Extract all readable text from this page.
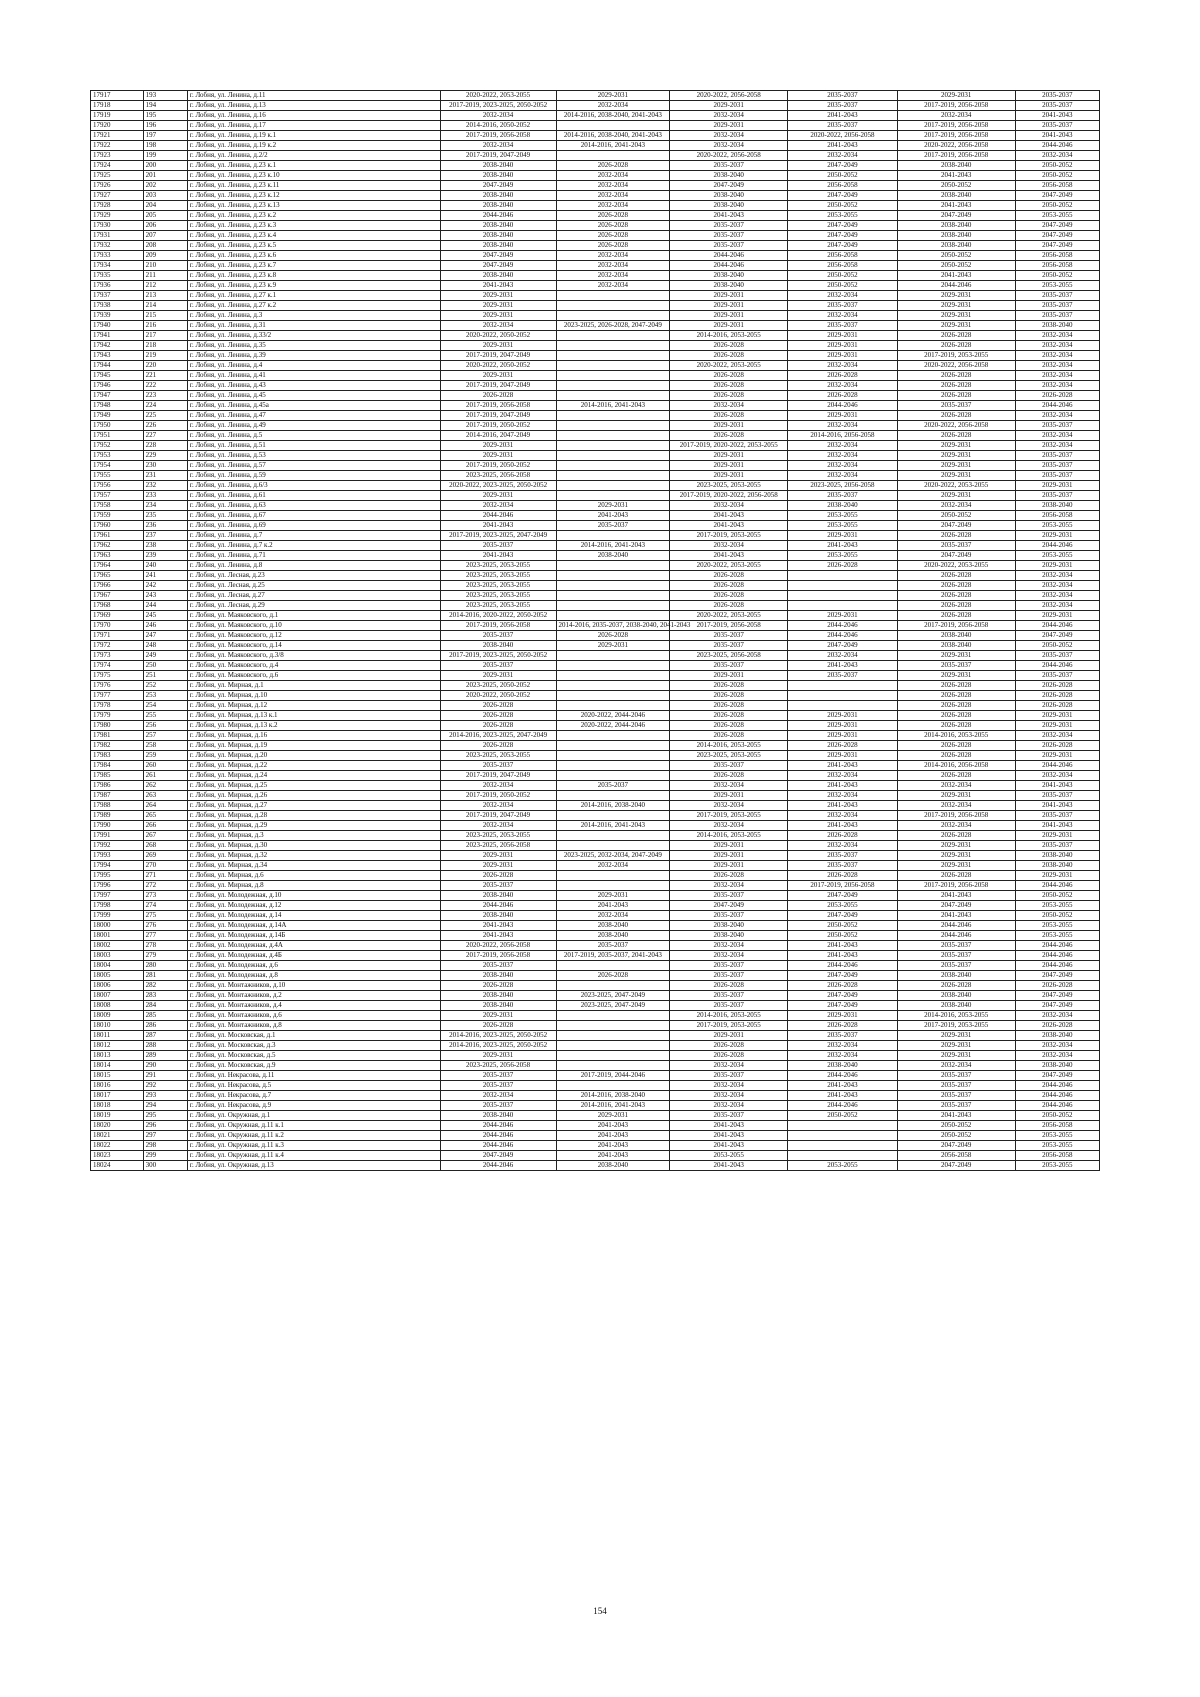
17917	193	г. Лобня, ул. Ленина, д.11	2020-2022, 2053-2055	2029-2031	2020-2022, 2056-2058	2035-2037	2029-2031	2035-2037
17918	194	г. Лобня, ул. Ленина, д.13	2017-2019, 2023-2025, 2050-2052	2032-2034	2029-2031	2035-2037	2017-2019, 2056-2058	2035-2037
17919	195	г. Лобня, ул. Ленина, д.16	2032-2034	2014-2016, 2038-2040, 2041-2043	2032-2034	2041-2043	2032-2034	2041-2043
17920	196	г. Лобня, ул. Ленина, д.17	2014-2016, 2050-2052		2029-2031	2035-2037	2017-2019, 2056-2058	2035-2037
17921	197	г. Лобня, ул. Ленина, д.19 к.1	2017-2019, 2056-2058	2014-2016, 2038-2040, 2041-2043	2032-2034	2020-2022, 2056-2058	2017-2019, 2056-2058	2041-2043
17922	198	г. Лобня, ул. Ленина, д.19 к.2	2032-2034	2014-2016, 2041-2043	2032-2034	2041-2043	2020-2022, 2056-2058	2044-2046
17923	199	г. Лобня, ул. Ленина, д.2/2	2017-2019, 2047-2049		2020-2022, 2056-2058	2032-2034	2017-2019, 2056-2058	2032-2034
17924	200	г. Лобня, ул. Ленина, д.23 к.1	2038-2040	2026-2028	2035-2037	2047-2049	2038-2040	2050-2052
17925	201	г. Лобня, ул. Ленина, д.23 к.10	2038-2040	2032-2034	2038-2040	2050-2052	2041-2043	2050-2052
17926	202	г. Лобня, ул. Ленина, д.23 к.11	2047-2049	2032-2034	2047-2049	2056-2058	2050-2052	2056-2058
17927	203	г. Лобня, ул. Ленина, д.23 к.12	2038-2040	2032-2034	2038-2040	2047-2049	2038-2040	2047-2049
17928	204	г. Лобня, ул. Ленина, д.23 к.13	2038-2040	2032-2034	2038-2040	2050-2052	2041-2043	2050-2052
17929	205	г. Лобня, ул. Ленина, д.23 к.2	2044-2046	2026-2028	2041-2043	2053-2055	2047-2049	2053-2055
17930	206	г. Лобня, ул. Ленина, д.23 к.3	2038-2040	2026-2028	2035-2037	2047-2049	2038-2040	2047-2049
17931	207	г. Лобня, ул. Ленина, д.23 к.4	2038-2040	2026-2028	2035-2037	2047-2049	2038-2040	2047-2049
17932	208	г. Лобня, ул. Ленина, д.23 к.5	2038-2040	2026-2028	2035-2037	2047-2049	2038-2040	2047-2049
17933	209	г. Лобня, ул. Ленина, д.23 к.6	2047-2049	2032-2034	2044-2046	2056-2058	2050-2052	2056-2058
17934	210	г. Лобня, ул. Ленина, д.23 к.7	2047-2049	2032-2034	2044-2046	2056-2058	2050-2052	2056-2058
17935	211	г. Лобня, ул. Ленина, д.23 к.8	2038-2040	2032-2034	2038-2040	2050-2052	2041-2043	2050-2052
17936	212	г. Лобня, ул. Ленина, д.23 к.9	2041-2043	2032-2034	2038-2040	2050-2052	2044-2046	2053-2055
17937	213	г. Лобня, ул. Ленина, д.27 к.1	2029-2031		2029-2031	2032-2034	2029-2031	2035-2037
17938	214	г. Лобня, ул. Ленина, д.27 к.2	2029-2031		2029-2031	2035-2037	2029-2031	2035-2037
17939	215	г. Лобня, ул. Ленина, д.3	2029-2031		2029-2031	2032-2034	2029-2031	2035-2037
17940	216	г. Лобня, ул. Ленина, д.31	2032-2034	2023-2025, 2026-2028, 2047-2049	2029-2031	2035-2037	2029-2031	2038-2040
17941	217	г. Лобня, ул. Ленина, д.33/2	2020-2022, 2050-2052		2014-2016, 2053-2055	2029-2031	2026-2028	2032-2034
17942	218	г. Лобня, ул. Ленина, д.35	2029-2031		2026-2028	2029-2031	2026-2028	2032-2034
17943	219	г. Лобня, ул. Ленина, д.39	2017-2019, 2047-2049		2026-2028	2029-2031	2017-2019, 2053-2055	2032-2034
17944	220	г. Лобня, ул. Ленина, д.4	2020-2022, 2050-2052		2020-2022, 2053-2055	2032-2034	2020-2022, 2056-2058	2032-2034
17945	221	г. Лобня, ул. Ленина, д.41	2029-2031		2026-2028	2026-2028	2026-2028	2032-2034
17946	222	г. Лобня, ул. Ленина, д.43	2017-2019, 2047-2049		2026-2028	2032-2034	2026-2028	2032-2034
17947	223	г. Лобня, ул. Ленина, д.45	2026-2028		2026-2028	2026-2028	2026-2028	2026-2028
17948	224	г. Лобня, ул. Ленина, д.45а	2017-2019, 2056-2058	2014-2016, 2041-2043	2032-2034	2044-2046	2035-2037	2044-2046
17949	225	г. Лобня, ул. Ленина, д.47	2017-2019, 2047-2049		2026-2028	2029-2031	2026-2028	2032-2034
17950	226	г. Лобня, ул. Ленина, д.49	2017-2019, 2050-2052		2029-2031	2032-2034	2020-2022, 2056-2058	2035-2037
17951	227	г. Лобня, ул. Ленина, д.5	2014-2016, 2047-2049		2026-2028	2014-2016, 2056-2058	2026-2028	2032-2034
17952	228	г. Лобня, ул. Ленина, д.51	2029-2031		2017-2019, 2020-2022, 2053-2055	2032-2034	2029-2031	2032-2034
17953	229	г. Лобня, ул. Ленина, д.53	2029-2031		2029-2031	2032-2034	2029-2031	2035-2037
17954	230	г. Лобня, ул. Ленина, д.57	2017-2019, 2050-2052		2029-2031	2032-2034	2029-2031	2035-2037
17955	231	г. Лобня, ул. Ленина, д.59	2023-2025, 2056-2058		2029-2031	2032-2034	2029-2031	2035-2037
17956	232	г. Лобня, ул. Ленина, д.6/3	2020-2022, 2023-2025, 2050-2052		2023-2025, 2053-2055	2023-2025, 2056-2058	2020-2022, 2053-2055	2029-2031
17957	233	г. Лобня, ул. Ленина, д.61	2029-2031		2017-2019, 2020-2022, 2056-2058	2035-2037	2029-2031	2035-2037
17958	234	г. Лобня, ул. Ленина, д.63	2032-2034	2029-2031	2032-2034	2038-2040	2032-2034	2038-2040
17959	235	г. Лобня, ул. Ленина, д.67	2044-2046	2041-2043	2041-2043	2053-2055	2050-2052	2056-2058
17960	236	г. Лобня, ул. Ленина, д.69	2041-2043	2035-2037	2041-2043	2053-2055	2047-2049	2053-2055
17961	237	г. Лобня, ул. Ленина, д.7	2017-2019, 2023-2025, 2047-2049		2017-2019, 2053-2055	2029-2031	2026-2028	2029-2031
17962	238	г. Лобня, ул. Ленина, д.7 к.2	2035-2037	2014-2016, 2041-2043	2032-2034	2041-2043	2035-2037	2044-2046
17963	239	г. Лобня, ул. Ленина, д.71	2041-2043	2038-2040	2041-2043	2053-2055	2047-2049	2053-2055
17964	240	г. Лобня, ул. Ленина, д.8	2023-2025, 2053-2055		2020-2022, 2053-2055	2026-2028	2020-2022, 2053-2055	2029-2031
17965	241	г. Лобня, ул. Лесная, д.23	2023-2025, 2053-2055		2026-2028		2026-2028	2032-2034
17966	242	г. Лобня, ул. Лесная, д.25	2023-2025, 2053-2055		2026-2028		2026-2028	2032-2034
17967	243	г. Лобня, ул. Лесная, д.27	2023-2025, 2053-2055		2026-2028		2026-2028	2032-2034
17968	244	г. Лобня, ул. Лесная, д.29	2023-2025, 2053-2055		2026-2028		2026-2028	2032-2034
17969	245	г. Лобня, ул. Маяковского, д.1	2014-2016, 2020-2022, 2050-2052		2020-2022, 2053-2055	2029-2031	2026-2028	2029-2031
17970	246	г. Лобня, ул. Маяковского, д.10	2017-2019, 2056-2058	2014-2016, 2035-2037, 2038-2040, 2041-2043	2017-2019, 2056-2058	2044-2046	2017-2019, 2056-2058	2044-2046
17971	247	г. Лобня, ул. Маяковского, д.12	2035-2037	2026-2028	2035-2037	2044-2046	2038-2040	2047-2049
17972	248	г. Лобня, ул. Маяковского, д.14	2038-2040	2029-2031	2035-2037	2047-2049	2038-2040	2050-2052
17973	249	г. Лобня, ул. Маяковского, д.3/8	2017-2019, 2023-2025, 2050-2052		2023-2025, 2056-2058	2032-2034	2029-2031	2035-2037
17974	250	г. Лобня, ул. Маяковского, д.4	2035-2037		2035-2037	2041-2043	2035-2037	2044-2046
17975	251	г. Лобня, ул. Маяковского, д.6	2029-2031		2029-2031	2035-2037	2029-2031	2035-2037
17976	252	г. Лобня, ул. Мирная, д.1	2023-2025, 2050-2052		2026-2028		2026-2028	2026-2028
17977	253	г. Лобня, ул. Мирная, д.10	2020-2022, 2050-2052		2026-2028		2026-2028	2026-2028
17978	254	г. Лобня, ул. Мирная, д.12	2026-2028		2026-2028		2026-2028	2026-2028
17979	255	г. Лобня, ул. Мирная, д.13 к.1	2026-2028	2020-2022, 2044-2046	2026-2028	2029-2031	2026-2028	2029-2031
17980	256	г. Лобня, ул. Мирная, д.13 к.2	2026-2028	2020-2022, 2044-2046	2026-2028	2029-2031	2026-2028	2029-2031
17981	257	г. Лобня, ул. Мирная, д.16	2014-2016, 2023-2025, 2047-2049		2026-2028	2029-2031	2014-2016, 2053-2055	2032-2034
17982	258	г. Лобня, ул. Мирная, д.19	2026-2028		2014-2016, 2053-2055	2026-2028	2026-2028	2026-2028
17983	259	г. Лобня, ул. Мирная, д.20	2023-2025, 2053-2055		2023-2025, 2053-2055	2029-2031	2026-2028	2029-2031
17984	260	г. Лобня, ул. Мирная, д.22	2035-2037		2035-2037	2041-2043	2014-2016, 2056-2058	2044-2046
17985	261	г. Лобня, ул. Мирная, д.24	2017-2019, 2047-2049		2026-2028	2032-2034	2026-2028	2032-2034
17986	262	г. Лобня, ул. Мирная, д.25	2032-2034	2035-2037	2032-2034	2041-2043	2032-2034	2041-2043
17987	263	г. Лобня, ул. Мирная, д.26	2017-2019, 2050-2052		2029-2031	2032-2034	2029-2031	2035-2037
17988	264	г. Лобня, ул. Мирная, д.27	2032-2034	2014-2016, 2038-2040	2032-2034	2041-2043	2032-2034	2041-2043
17989	265	г. Лобня, ул. Мирная, д.28	2017-2019, 2047-2049		2017-2019, 2053-2055	2032-2034	2017-2019, 2056-2058	2035-2037
17990	266	г. Лобня, ул. Мирная, д.29	2032-2034	2014-2016, 2041-2043	2032-2034	2041-2043	2032-2034	2041-2043
17991	267	г. Лобня, ул. Мирная, д.3	2023-2025, 2053-2055		2014-2016, 2053-2055	2026-2028	2026-2028	2029-2031
17992	268	г. Лобня, ул. Мирная, д.30	2023-2025, 2056-2058		2029-2031	2032-2034	2029-2031	2035-2037
17993	269	г. Лобня, ул. Мирная, д.32	2029-2031	2023-2025, 2032-2034, 2047-2049	2029-2031	2035-2037	2029-2031	2038-2040
17994	270	г. Лобня, ул. Мирная, д.34	2029-2031	2032-2034	2029-2031	2035-2037	2029-2031	2038-2040
17995	271	г. Лобня, ул. Мирная, д.6	2026-2028		2026-2028	2026-2028	2026-2028	2029-2031
17996	272	г. Лобня, ул. Мирная, д.8	2035-2037		2032-2034	2017-2019, 2056-2058	2017-2019, 2056-2058	2044-2046
17997	273	г. Лобня, ул. Молодежная, д.10	2038-2040	2029-2031	2035-2037	2047-2049	2041-2043	2050-2052
17998	274	г. Лобня, ул. Молодежная, д.12	2044-2046	2041-2043	2047-2049	2053-2055	2047-2049	2053-2055
17999	275	г. Лобня, ул. Молодежная, д.14	2038-2040	2032-2034	2035-2037	2047-2049	2041-2043	2050-2052
18000	276	г. Лобня, ул. Молодежная, д.14А	2041-2043	2038-2040	2038-2040	2050-2052	2044-2046	2053-2055
18001	277	г. Лобня, ул. Молодежная, д.14Б	2041-2043	2038-2040	2038-2040	2050-2052	2044-2046	2053-2055
18002	278	г. Лобня, ул. Молодежная, д.4А	2020-2022, 2056-2058	2035-2037	2032-2034	2041-2043	2035-2037	2044-2046
18003	279	г. Лобня, ул. Молодежная, д.4Б	2017-2019, 2056-2058	2017-2019, 2035-2037, 2041-2043	2032-2034	2041-2043	2035-2037	2044-2046
18004	280	г. Лобня, ул. Молодежная, д.6	2035-2037		2035-2037	2044-2046	2035-2037	2044-2046
18005	281	г. Лобня, ул. Молодежная, д.8	2038-2040	2026-2028	2035-2037	2047-2049	2038-2040	2047-2049
18006	282	г. Лобня, ул. Монтажников, д.10	2026-2028		2026-2028	2026-2028	2026-2028	2026-2028
18007	283	г. Лобня, ул. Монтажников, д.2	2038-2040	2023-2025, 2047-2049	2035-2037	2047-2049	2038-2040	2047-2049
18008	284	г. Лобня, ул. Монтажников, д.4	2038-2040	2023-2025, 2047-2049	2035-2037	2047-2049	2038-2040	2047-2049
18009	285	г. Лобня, ул. Монтажников, д.6	2029-2031		2014-2016, 2053-2055	2029-2031	2014-2016, 2053-2055	2032-2034
18010	286	г. Лобня, ул. Монтажников, д.8	2026-2028		2017-2019, 2053-2055	2026-2028	2017-2019, 2053-2055	2026-2028
18011	287	г. Лобня, ул. Московская, д.1	2014-2016, 2023-2025, 2050-2052		2029-2031	2035-2037	2029-2031	2038-2040
18012	288	г. Лобня, ул. Московская, д.3	2014-2016, 2023-2025, 2050-2052		2026-2028	2032-2034	2029-2031	2032-2034
18013	289	г. Лобня, ул. Московская, д.5	2029-2031		2026-2028	2032-2034	2029-2031	2032-2034
18014	290	г. Лобня, ул. Московская, д.9	2023-2025, 2056-2058		2032-2034	2038-2040	2032-2034	2038-2040
18015	291	г. Лобня, ул. Некрасова, д.11	2035-2037	2017-2019, 2044-2046	2035-2037	2044-2046	2035-2037	2047-2049
18016	292	г. Лобня, ул. Некрасова, д.5	2035-2037		2032-2034	2041-2043	2035-2037	2044-2046
18017	293	г. Лобня, ул. Некрасова, д.7	2032-2034	2014-2016, 2038-2040	2032-2034	2041-2043	2035-2037	2044-2046
18018	294	г. Лобня, ул. Некрасова, д.9	2035-2037	2014-2016, 2041-2043	2032-2034	2044-2046	2035-2037	2044-2046
18019	295	г. Лобня, ул. Окружная, д.1	2038-2040	2029-2031	2035-2037	2050-2052	2041-2043	2050-2052
18020	296	г. Лобня, ул. Окружная, д.11 к.1	2044-2046	2041-2043	2041-2043		2050-2052	2056-2058
18021	297	г. Лобня, ул. Окружная, д.11 к.2	2044-2046	2041-2043	2041-2043		2050-2052	2053-2055
18022	298	г. Лобня, ул. Окружная, д.11 к.3	2044-2046	2041-2043	2041-2043		2047-2049	2053-2055
18023	299	г. Лобня, ул. Окружная, д.11 к.4	2047-2049	2041-2043	2053-2055		2056-2058	2056-2058
18024	300	г. Лобня, ул. Окружная, д.13	2044-2046	2038-2040	2041-2043	2053-2055	2047-2049	2053-2055
154
